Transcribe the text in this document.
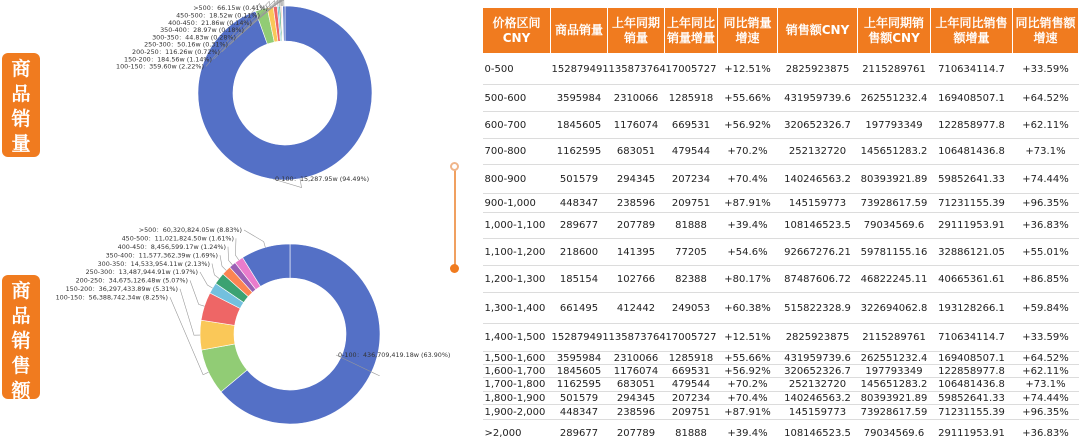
商
品
销
量
商
品
销
售
额
0-100：15,287.95w (94.49%)
100-150：359.60w (2.22%)
150-200：184.56w (1.14%)
200-250：116.26w (0.72%)
250-300：50.16w (0.31%)
300-350：44.83w (0.28%)
350-400：28.97w (0.18%)
400-450：21.86w (0.14%)
450-500：18.52w (0.11%)
>500：66.15w (0.41%)
0-100：436,709,419.18w (63.90%)
100-150：56,388,742.34w (8.25%)
150-200：36,297,433.89w (5.31%)
200-250：34,675,126.48w (5.07%)
250-300：13,487,944.91w (1.97%)
300-350：14,533,954.11w (2.13%)
350-400：11,577,362.39w (1.69%)
400-450：8,456,599.17w (1.24%)
450-500：11,021,824.50w (1.61%)
>500：60,320,824.05w (8.83%)
价格区间CNY	商品销量	上年同期销量	上年同比销量增量	同比销量增速	销售额CNY	上年同期销售额CNY	上年同比销售额增量	同比销售额增速
0-500	152879491	135873764	17005727	+12.51%	2825923875	2115289761	710634114.7	+33.59%
500-600	3595984	2310066	1285918	+55.66%	431959739.6	262551232.4	169408507.1	+64.52%
600-700	1845605	1176074	669531	+56.92%	320652326.7	197793349	122858977.8	+62.11%
700-800	1162595	683051	479544	+70.2%	252132720	145651283.2	106481436.8	+73.1%
800-900	501579	294345	207234	+70.4%	140246563.2	80393921.89	59852641.33	+74.44%
900-1,000	448347	238596	209751	+87.91%	145159773	73928617.59	71231155.39	+96.35%
1,000-1,100	289677	207789	81888	+39.4%	108146523.5	79034569.6	29111953.91	+36.83%
1,100-1,200	218600	141395	77205	+54.6%	92667276.21	59781155.16	32886121.05	+55.01%
1,200-1,300	185154	102766	82388	+80.17%	87487606.72	46822245.11	40665361.61	+86.85%
1,300-1,400	661495	412442	249053	+60.38%	515822328.9	322694062.8	193128266.1	+59.84%
1,400-1,500	152879491	135873764	17005727	+12.51%	2825923875	2115289761	710634114.7	+33.59%
1,500-1,600	3595984	2310066	1285918	+55.66%	431959739.6	262551232.4	169408507.1	+64.52%
1,600-1,700	1845605	1176074	669531	+56.92%	320652326.7	197793349	122858977.8	+62.11%
1,700-1,800	1162595	683051	479544	+70.2%	252132720	145651283.2	106481436.8	+73.1%
1,800-1,900	501579	294345	207234	+70.4%	140246563.2	80393921.89	59852641.33	+74.44%
1,900-2,000	448347	238596	209751	+87.91%	145159773	73928617.59	71231155.39	+96.35%
>2,000	289677	207789	81888	+39.4%	108146523.5	79034569.6	29111953.91	+36.83%
